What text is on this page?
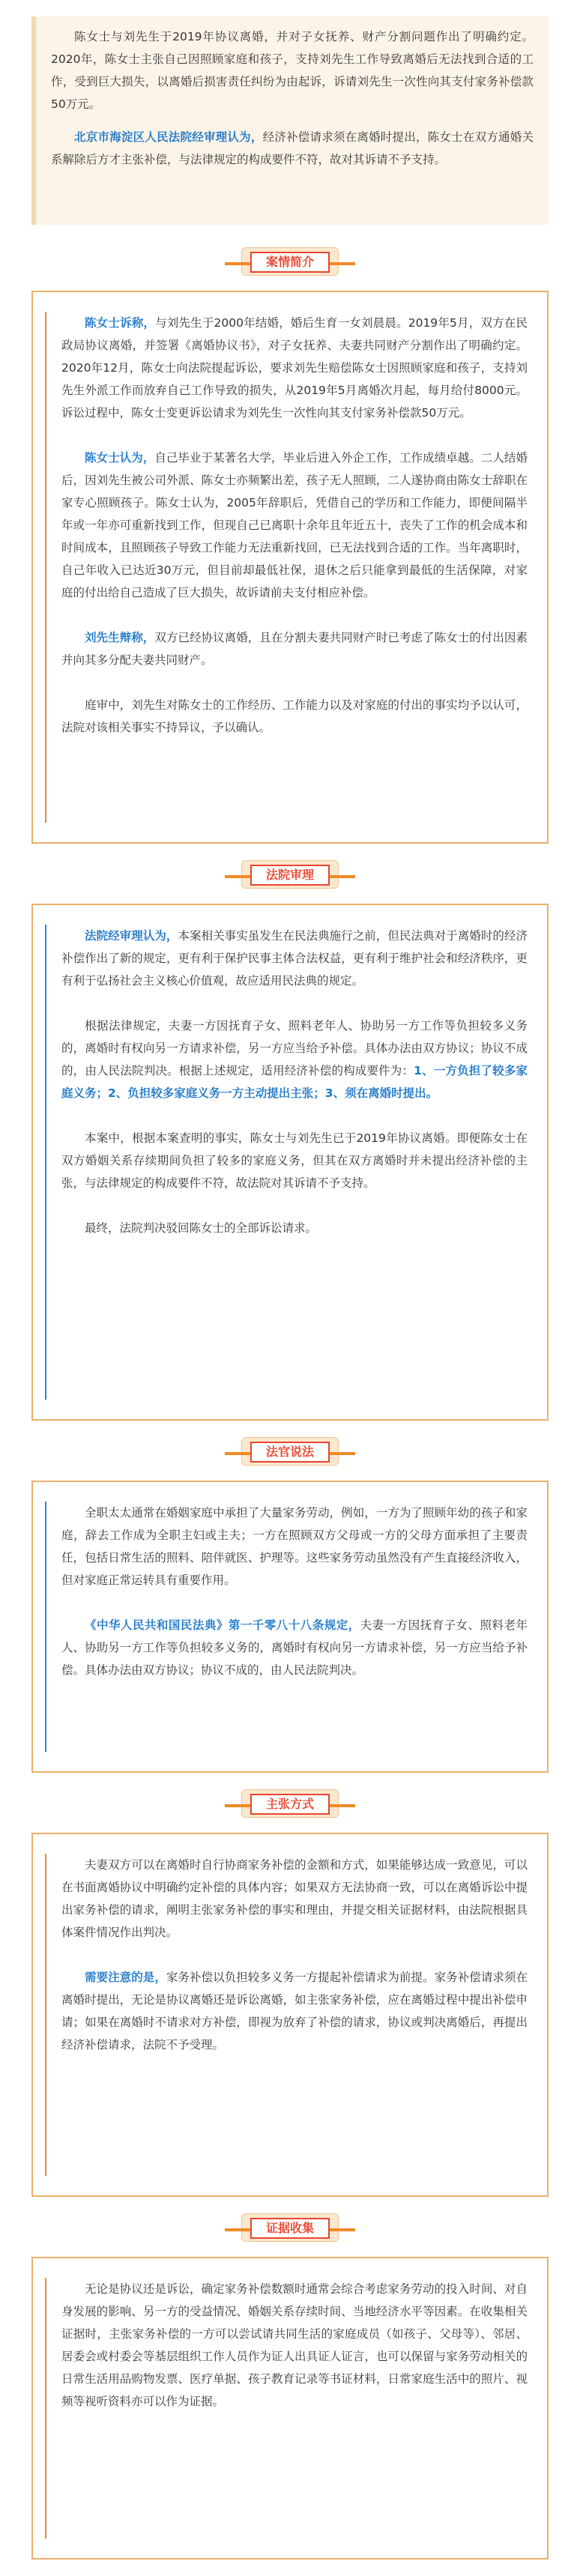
陈女士与刘先生于2019年协议离婚，并对子女抚养、财产分割问题作出了明确约定。2020年，陈女士主张自己因照顾家庭和孩子，支持刘先生工作导致离婚后无法找到合适的工作，受到巨大损失，以离婚后损害责任纠纷为由起诉，诉请刘先生一次性向其支付家务补偿款50万元。

北京市海淀区人民法院经审理认为，经济补偿请求须在离婚时提出，陈女士在双方通婚关系解除后方才主张补偿，与法律规定的构成要件不符，故对其诉请不予支持。

案情简介

陈女士诉称，与刘先生于2000年结婚，婚后生育一女刘晨晨。2019年5月，双方在民政局协议离婚，并签署《离婚协议书》，对子女抚养、夫妻共同财产分割作出了明确约定。2020年12月，陈女士向法院提起诉讼，要求刘先生赔偿陈女士因照顾家庭和孩子，支持刘先生外派工作而放弃自己工作导致的损失，从2019年5月离婚次月起，每月给付8000元。诉讼过程中，陈女士变更诉讼请求为刘先生一次性向其支付家务补偿款50万元。

陈女士认为，自己毕业于某著名大学，毕业后进入外企工作，工作成绩卓越。二人结婚后，因刘先生被公司外派、陈女士亦频繁出差，孩子无人照顾，二人遂协商由陈女士辞职在家专心照顾孩子。陈女士认为，2005年辞职后，凭借自己的学历和工作能力，即便间隔半年或一年亦可重新找到工作，但现自己已离职十余年且年近五十，丧失了工作的机会成本和时间成本，且照顾孩子导致工作能力无法重新找回，已无法找到合适的工作。当年离职时，自己年收入已达近30万元，但目前却最低社保，退休之后只能拿到最低的生活保障，对家庭的付出给自己造成了巨大损失，故诉请前夫支付相应补偿。

刘先生辩称，双方已经协议离婚，且在分割夫妻共同财产时已考虑了陈女士的付出因素并向其多分配夫妻共同财产。

庭审中，刘先生对陈女士的工作经历、工作能力以及对家庭的付出的事实均予以认可，法院对该相关事实不持异议，予以确认。

法院审理

法院经审理认为，本案相关事实虽发生在民法典施行之前，但民法典对于离婚时的经济补偿作出了新的规定，更有利于保护民事主体合法权益，更有利于维护社会和经济秩序，更有利于弘扬社会主义核心价值观，故应适用民法典的规定。

根据法律规定，夫妻一方因抚育子女、照料老年人、协助另一方工作等负担较多义务的，离婚时有权向另一方请求补偿，另一方应当给予补偿。具体办法由双方协议；协议不成的，由人民法院判决。根据上述规定，适用经济补偿的构成要件为：1、一方负担了较多家庭义务；2、负担较多家庭义务一方主动提出主张；3、须在离婚时提出。

本案中，根据本案查明的事实，陈女士与刘先生已于2019年协议离婚。即便陈女士在双方婚姻关系存续期间负担了较多的家庭义务，但其在双方离婚时并未提出经济补偿的主张，与法律规定的构成要件不符，故法院对其诉请不予支持。

最终，法院判决驳回陈女士的全部诉讼请求。

法官说法

全职太太通常在婚姻家庭中承担了大量家务劳动，例如，一方为了照顾年幼的孩子和家庭，辞去工作成为全职主妇或主夫；一方在照顾双方父母或一方的父母方面承担了主要责任，包括日常生活的照料、陪伴就医、护理等。这些家务劳动虽然没有产生直接经济收入，但对家庭正常运转具有重要作用。

《中华人民共和国民法典》第一千零八十八条规定，夫妻一方因抚育子女、照料老年人、协助另一方工作等负担较多义务的，离婚时有权向另一方请求补偿，另一方应当给予补偿。具体办法由双方协议；协议不成的，由人民法院判决。

主张方式

夫妻双方可以在离婚时自行协商家务补偿的金额和方式，如果能够达成一致意见，可以在书面离婚协议中明确约定补偿的具体内容；如果双方无法协商一致，可以在离婚诉讼中提出家务补偿的请求，阐明主张家务补偿的事实和理由，并提交相关证据材料，由法院根据具体案件情况作出判决。

需要注意的是，家务补偿以负担较多义务一方提起补偿请求为前提。家务补偿请求须在离婚时提出，无论是协议离婚还是诉讼离婚，如主张家务补偿，应在离婚过程中提出补偿申请；如果在离婚时不请求对方补偿，即视为放弃了补偿的请求，协议或判决离婚后，再提出经济补偿请求，法院不予受理。

证据收集

无论是协议还是诉讼，确定家务补偿数额时通常会综合考虑家务劳动的投入时间、对自身发展的影响、另一方的受益情况、婚姻关系存续时间、当地经济水平等因素。在收集相关证据时，主张家务补偿的一方可以尝试请共同生活的家庭成员（如孩子、父母等）、邻居、居委会或村委会等基层组织工作人员作为证人出具证人证言，也可以保留与家务劳动相关的日常生活用品购物发票、医疗单据、孩子教育记录等书证材料，日常家庭生活中的照片、视频等视听资料亦可以作为证据。
